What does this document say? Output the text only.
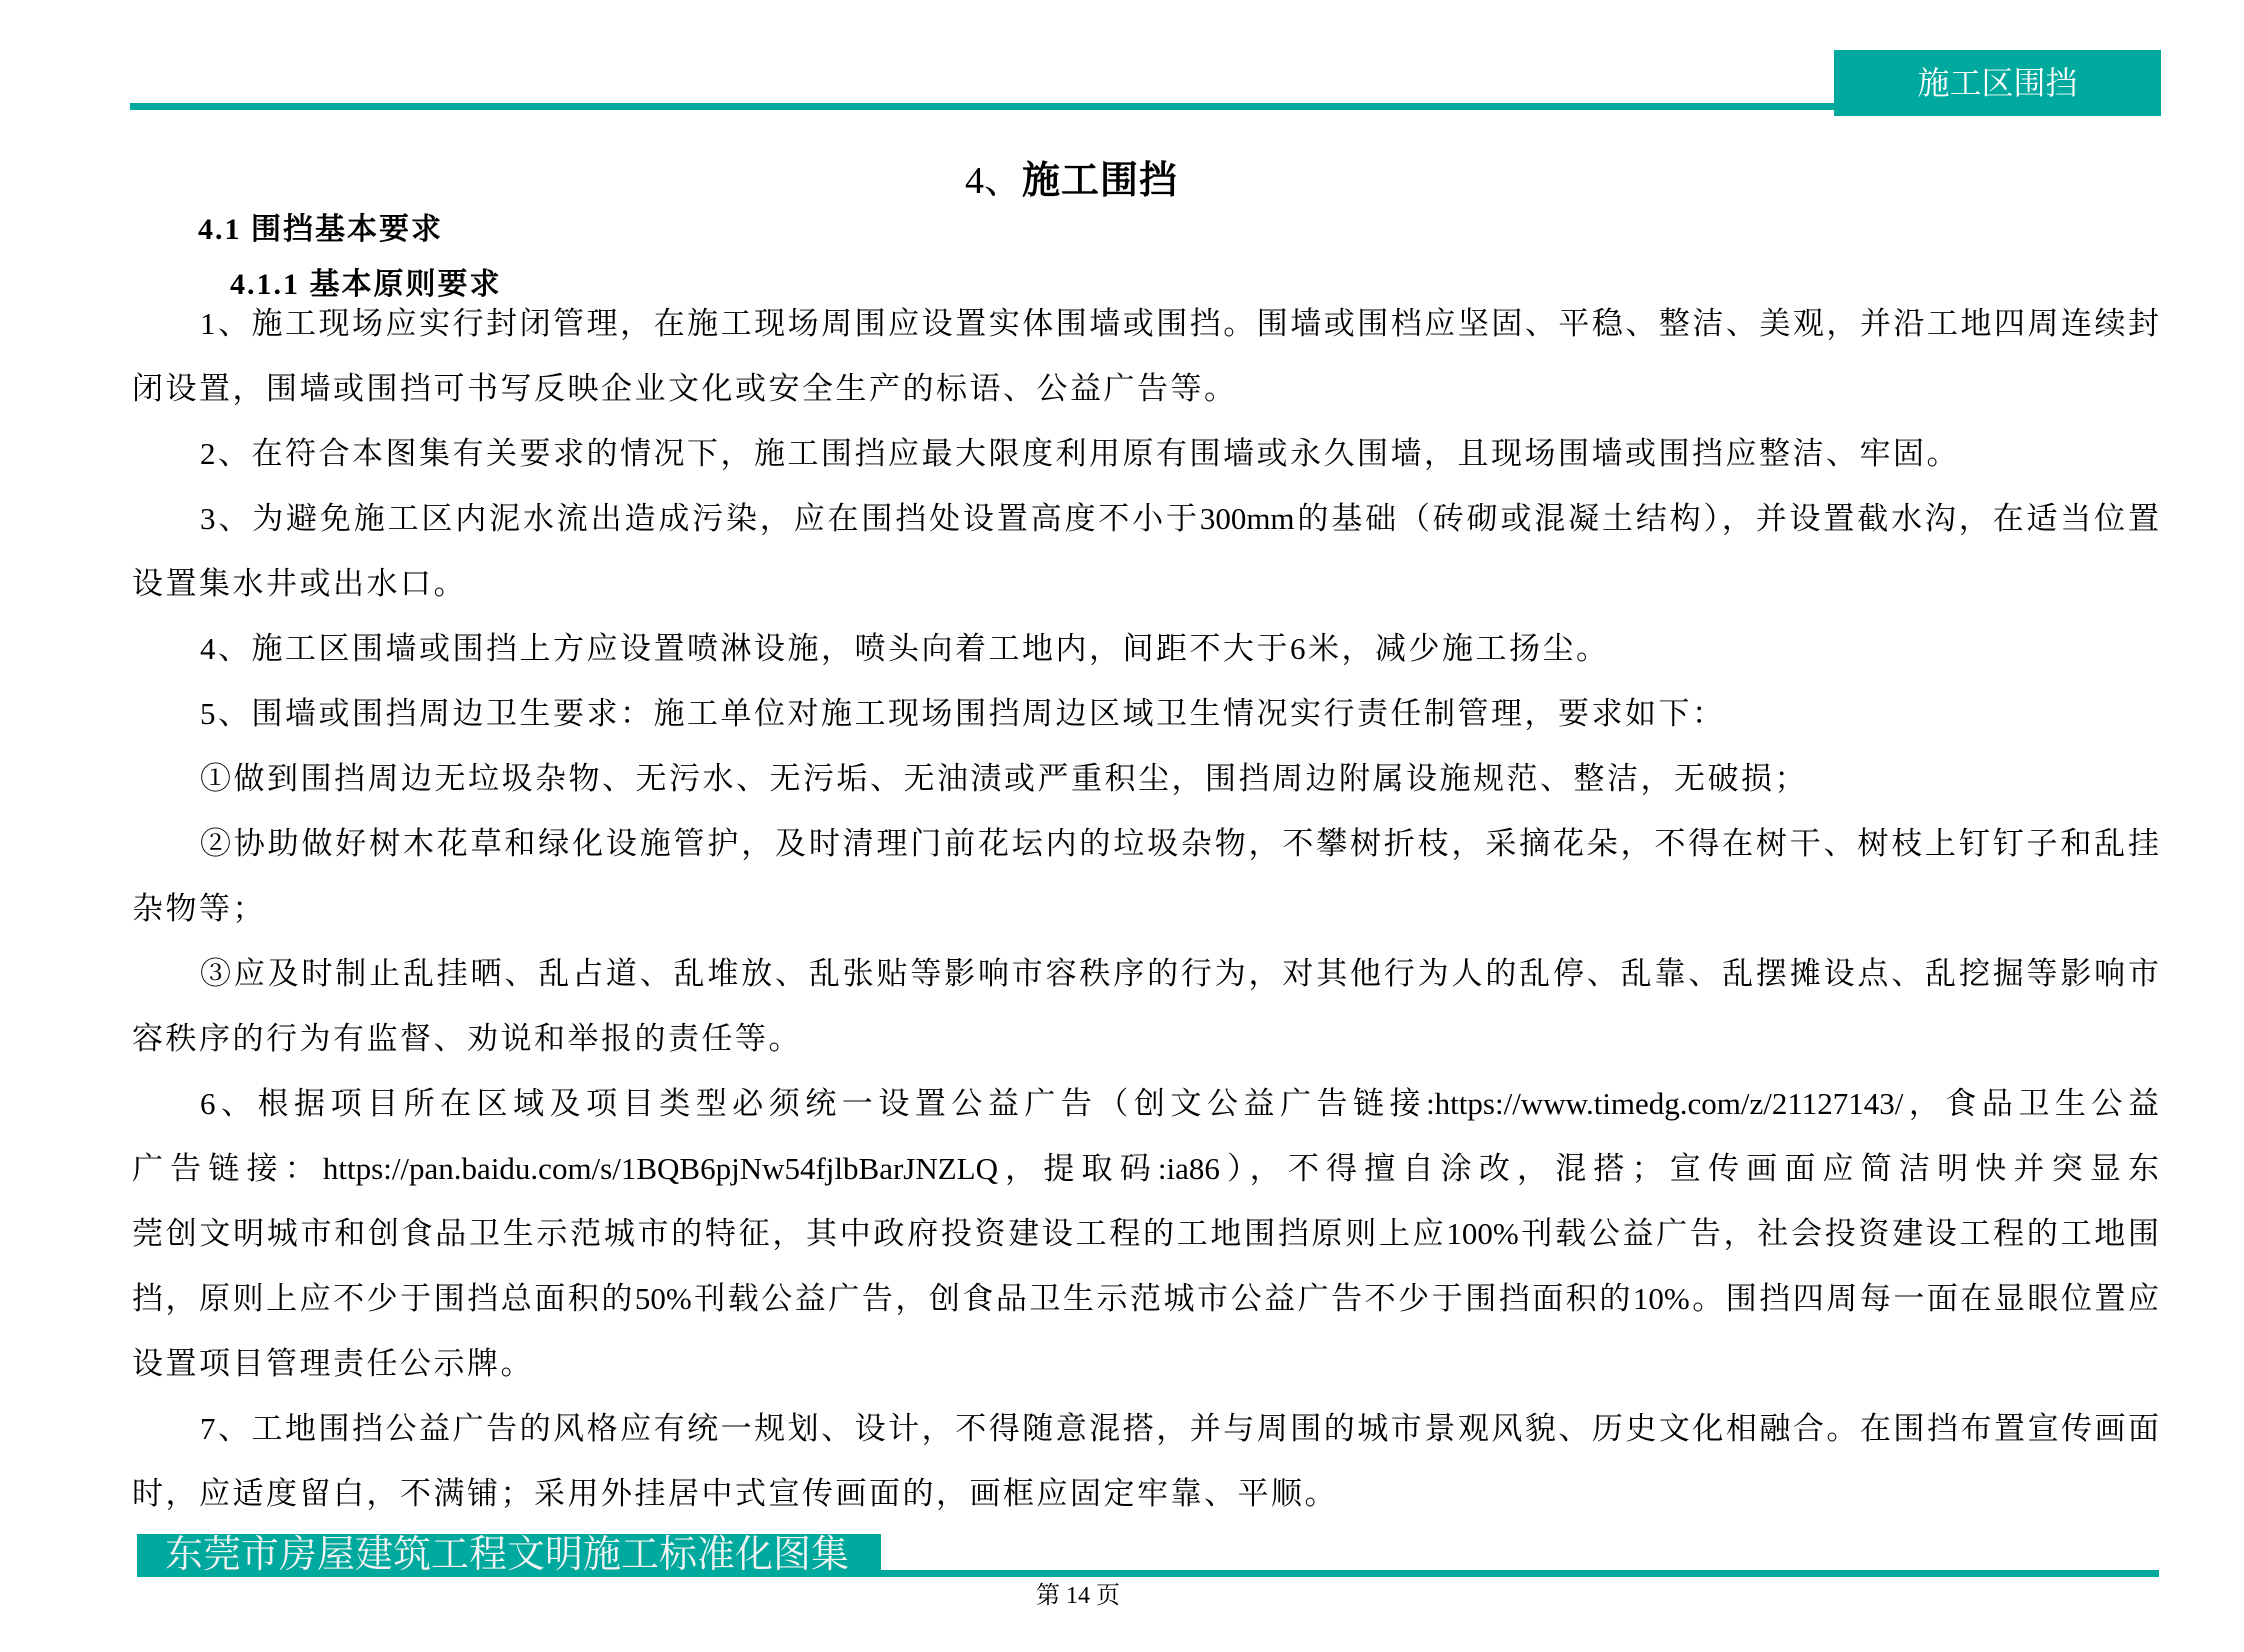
施工区围挡
4、施工围挡
4.1 围挡基本要求
4.1.1 基本原则要求
1、施工现场应实行封闭管理，在施工现场周围应设置实体围墙或围挡。围墙或围档应坚固、平稳、整洁、美观，并沿工地四周连续封
闭设置，围墙或围挡可书写反映企业文化或安全生产的标语、公益广告等。
2、在符合本图集有关要求的情况下，施工围挡应最大限度利用原有围墙或永久围墙，且现场围墙或围挡应整洁、牢固。
3、为避免施工区内泥水流出造成污染，应在围挡处设置高度不小于300mm的基础（砖砌或混凝土结构），并设置截水沟，在适当位置
设置集水井或出水口。
4、施工区围墙或围挡上方应设置喷淋设施，喷头向着工地内，间距不大于6米，减少施工扬尘。
5、围墙或围挡周边卫生要求：施工单位对施工现场围挡周边区域卫生情况实行责任制管理，要求如下：
①做到围挡周边无垃圾杂物、无污水、无污垢、无油渍或严重积尘，围挡周边附属设施规范、整洁，无破损；
②协助做好树木花草和绿化设施管护，及时清理门前花坛内的垃圾杂物，不攀树折枝，采摘花朵，不得在树干、树枝上钉钉子和乱挂
杂物等；
③应及时制止乱挂晒、乱占道、乱堆放、乱张贴等影响市容秩序的行为，对其他行为人的乱停、乱靠、乱摆摊设点、乱挖掘等影响市
容秩序的行为有监督、劝说和举报的责任等。
6、根据项目所在区域及项目类型必须统一设置公益广告（创文公益广告链接:https://www.timedg.com/z/21127143/，食品卫生公益
广告链接：https://pan.baidu.com/s/1BQB6pjNw54fjlbBarJNZLQ，提取码:ia86），不得擅自涂改，混搭；宣传画面应简洁明快并突显东
莞创文明城市和创食品卫生示范城市的特征，其中政府投资建设工程的工地围挡原则上应100%刊载公益广告，社会投资建设工程的工地围
挡，原则上应不少于围挡总面积的50%刊载公益广告，创食品卫生示范城市公益广告不少于围挡面积的10%。围挡四周每一面在显眼位置应
设置项目管理责任公示牌。
7、工地围挡公益广告的风格应有统一规划、设计，不得随意混搭，并与周围的城市景观风貌、历史文化相融合。在围挡布置宣传画面
时，应适度留白，不满铺；采用外挂居中式宣传画面的，画框应固定牢靠、平顺。
东莞市房屋建筑工程文明施工标准化图集
第 14 页
